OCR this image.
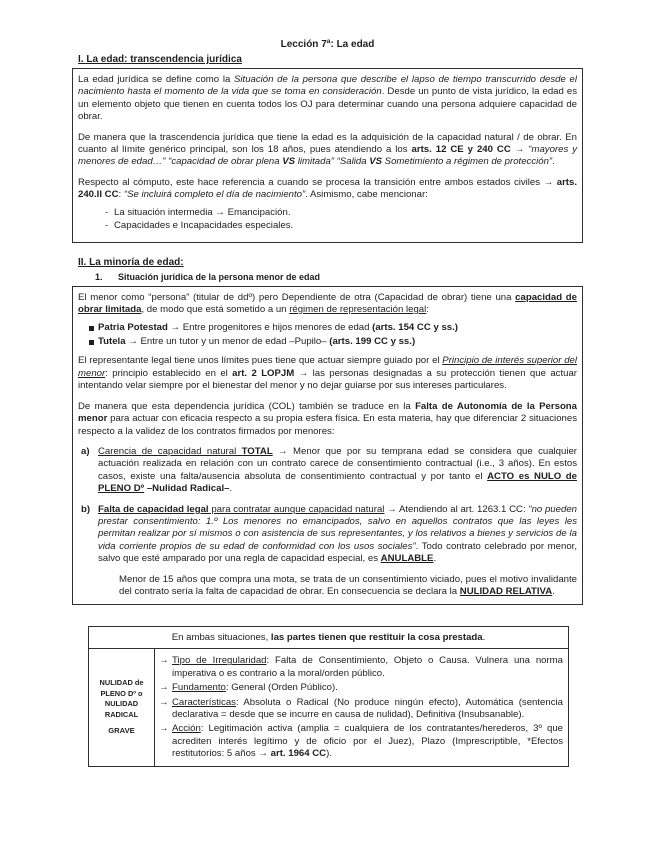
Lección 7ª: La edad
I. La edad: transcendencia jurídica

La edad jurídica se define como la Situación de la persona que describe el lapso de tiempo transcurrido desde el nacimiento hasta el momento de la vida que se toma en consideración. Desde un punto de vista jurídico, la edad es un elemento objeto que tienen en cuenta todos los OJ para determinar cuando una persona adquiere capacidad de obrar.

De manera que la trascendencia jurídica que tiene la edad es la adquisición de la capacidad natural / de obrar. En cuanto al límite genérico principal, son los 18 años, pues atendiendo a los arts. 12 CE y 240 CC → “mayores y menores de edad…” “capacidad de obrar plena VS limitada” “Salida VS Sometimiento a régimen de protección”.

Respecto al cómputo, este hace referencia a cuando se procesa la transición entre ambos estados civiles → arts. 240.II CC: “Se incluirá completo el día de nacimiento”. Asimismo, cabe mencionar:

- La situación intermedia → Emancipación.
- Capacidades e Incapacidades especiales.
II. La minoría de edad:
1. Situación jurídica de la persona menor de edad

El menor como “persona” (titular de ddº) pero Dependiente de otra (Capacidad de obrar) tiene una capacidad de obrar limitada, de modo que está sometido a un régimen de representación legal:

Patria Potestad → Entre progenitores e hijos menores de edad (arts. 154 CC y ss.)
Tutela → Entre un tutor y un menor de edad –Pupilo– (arts. 199 CC y ss.)

El representante legal tiene unos límites pues tiene que actuar siempre guiado por el Principio de interés superior del menor: principio establecido en el art. 2 LOPJM → las personas designadas a su protección tienen que actuar intentando velar siempre por el bienestar del menor y no dejar guiarse por sus intereses particulares.

De manera que esta dependencia jurídica (COL) también se traduce en la Falta de Autonomía de la Persona menor para actuar con eficacia respecto a su propia esfera física. En esta materia, hay que diferenciar 2 situaciones respecto a la validez de los contratos firmados por menores:

a) Carencia de capacidad natural TOTAL → Menor que por su temprana edad se considera que cualquier actuación realizada en relación con un contrato carece de consentimiento contractual (i.e., 3 años). En estos casos, existe una falta/ausencia absoluta de consentimiento contractual y por tanto el ACTO es NULO de PLENO Dº –Nulidad Radical–.
b) Falta de capacidad legal para contratar aunque capacidad natural → Atendiendo al art. 1263.1 CC: “no pueden prestar consentimiento: 1.º Los menores no emancipados, salvo en aquellos contratos que las leyes les permitan realizar por sí mismos o con asistencia de sus representantes, y los relativos a bienes y servicios de la vida corriente propios de su edad de conformidad con los usos sociales”. Todo contrato celebrado por menor, salvo que esté amparado por una regla de capacidad especial, es ANULABLE.

Menor de 15 años que compra una mota, se trata de un consentimiento viciado, pues el motivo invalidante del contrato sería la falta de capacidad de obrar. En consecuencia se declara la NULIDAD RELATIVA.

En ambas situaciones, las partes tienen que restituir la cosa prestada.
NULIDAD de PLENO Dº o NULIDAD RADICAL
GRAVE
→ Tipo de Irregularidad: Falta de Consentimiento, Objeto o Causa. Vulnera una norma imperativa o es contrario a la moral/orden público.
→ Fundamento: General (Orden Público).
→ Características: Absoluta o Radical (No produce ningún efecto), Automática (sentencia declarativa = desde que se incurre en causa de nulidad), Definitiva (Insubsanable).
→ Acción: Legitimación activa (amplia = cualquiera de los contratantes/herederos, 3º que acrediten interés legítimo y de oficio por el Juez), Plazo (Imprescriptible, *Efectos restitutorios: 5 años → art. 1964 CC).
